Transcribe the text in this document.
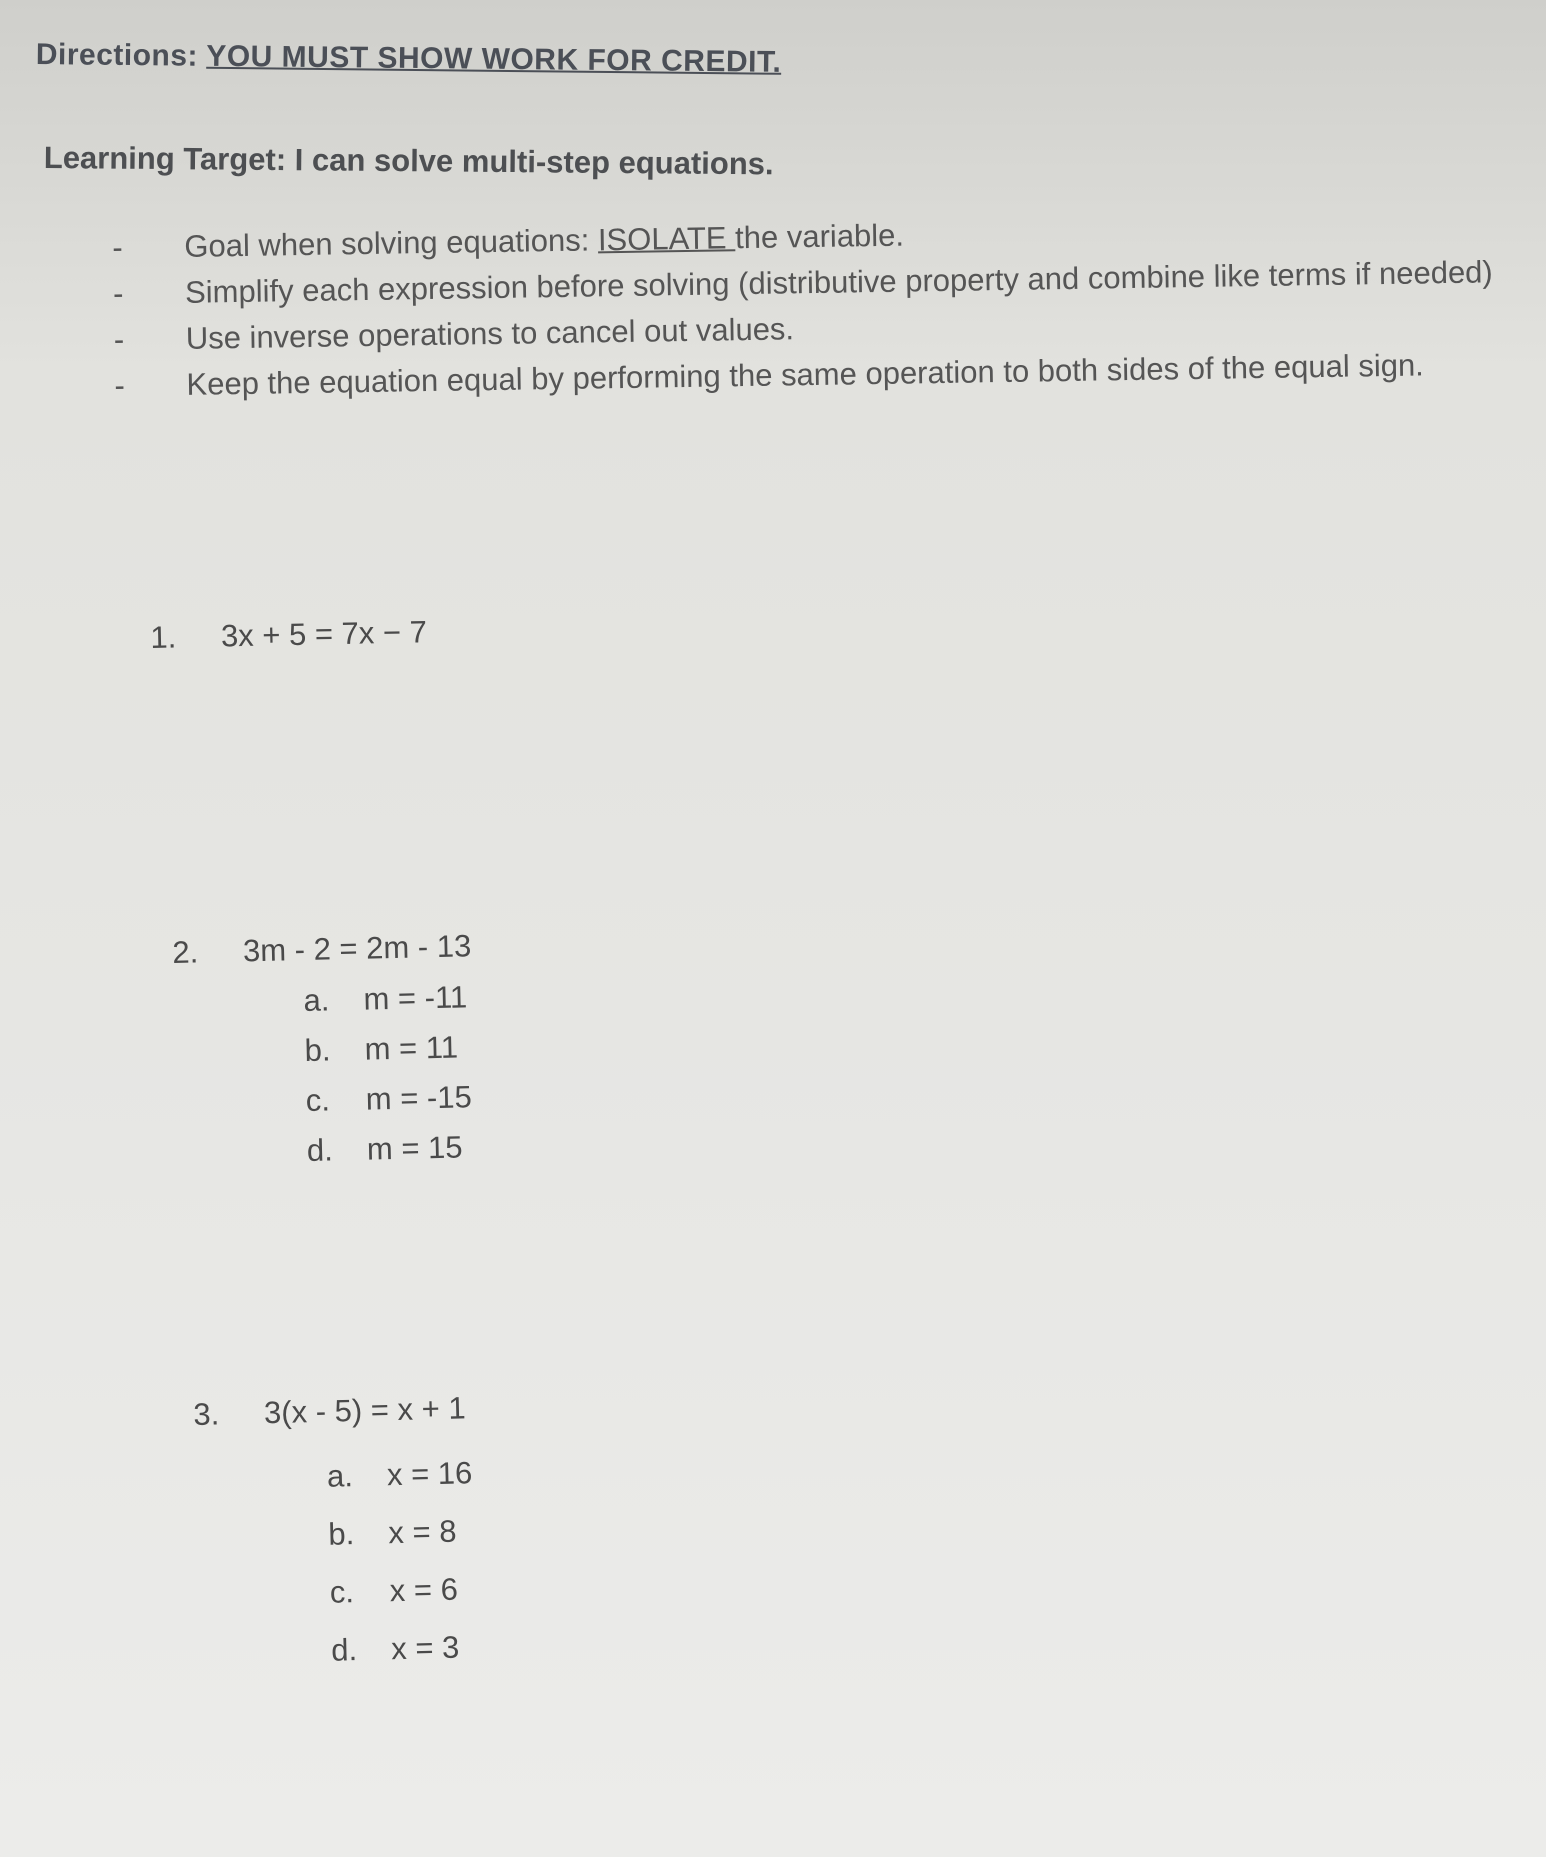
Directions: YOU MUST SHOW WORK FOR CREDIT.
Learning Target: I can solve multi-step equations.
-	Goal when solving equations: ISOLATE the variable.
-	Simplify each expression before solving (distributive property and combine like terms if needed)
-	Use inverse operations to cancel out values.
-	Keep the equation equal by performing the same operation to both sides of the equal sign.
1. 3x + 5 = 7x − 7
2. 3m - 2 = 2m - 13
a.	m = -11
b.	m = 11
c.	m = -15
d.	m = 15
3. 3(x - 5) = x + 1
a.	x = 16
b.	x = 8
c.	x = 6
d.	x = 3
